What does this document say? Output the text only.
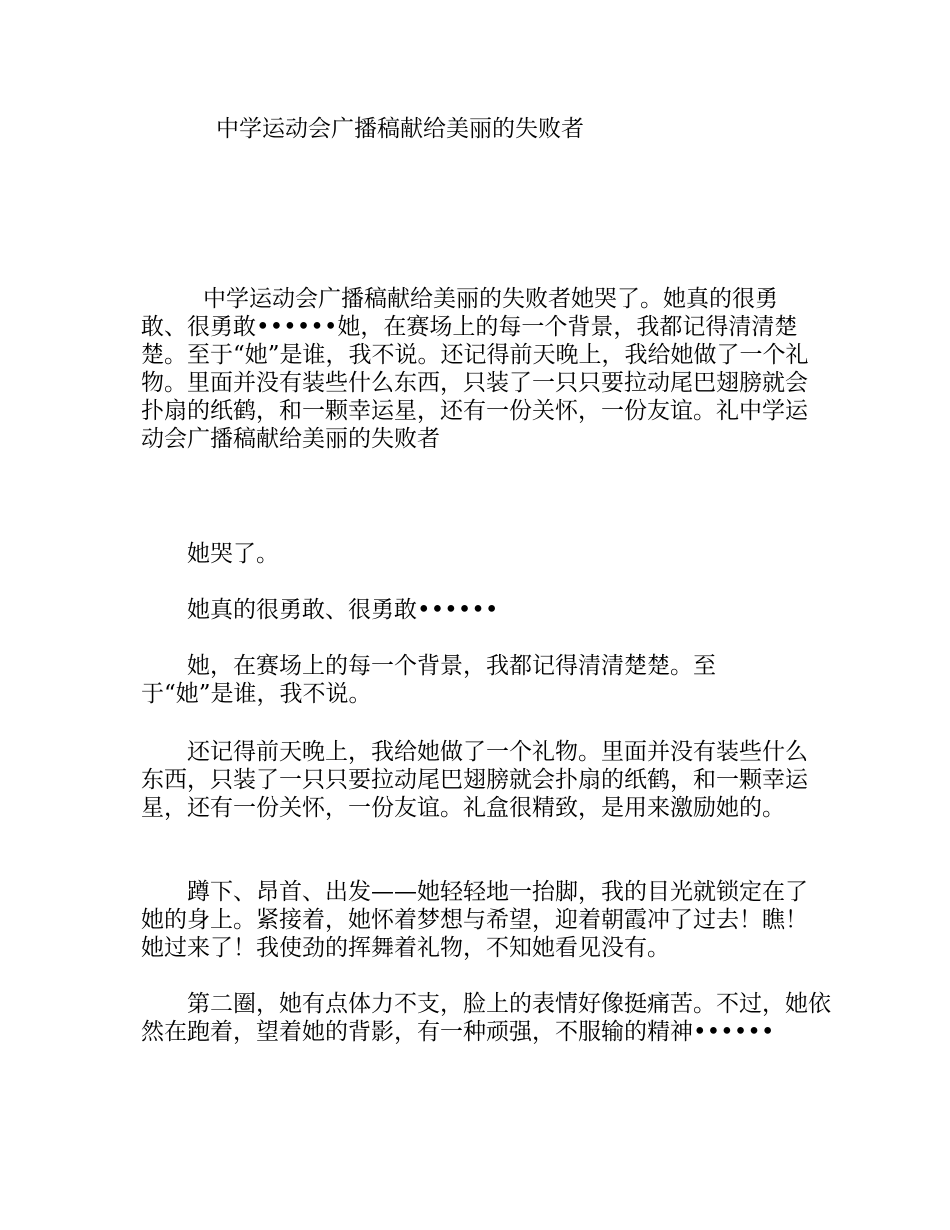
中学运动会广播稿献给美丽的失败者

中学运动会广播稿献给美丽的失败者她哭了。她真的很勇敢、很勇敢••••••她，在赛场上的每一个背景，我都记得清清楚楚。至于“她”是谁，我不说。还记得前天晚上，我给她做了一个礼物。里面并没有装些什么东西，只装了一只只要拉动尾巴翅膀就会扑扇的纸鹤，和一颗幸运星，还有一份关怀，一份友谊。礼中学运动会广播稿献给美丽的失败者

她哭了。

她真的很勇敢、很勇敢••••••

她，在赛场上的每一个背景，我都记得清清楚楚。至于“她”是谁，我不说。

还记得前天晚上，我给她做了一个礼物。里面并没有装些什么东西，只装了一只只要拉动尾巴翅膀就会扑扇的纸鹤，和一颗幸运星，还有一份关怀，一份友谊。礼盒很精致，是用来激励她的。

蹲下、昂首、出发——她轻轻地一抬脚，我的目光就锁定在了她的身上。紧接着，她怀着梦想与希望，迎着朝霞冲了过去！瞧！她过来了！我使劲的挥舞着礼物，不知她看见没有。

第二圈，她有点体力不支，脸上的表情好像挺痛苦。不过，她依然在跑着，望着她的背影，有一种顽强，不服输的精神••••••
